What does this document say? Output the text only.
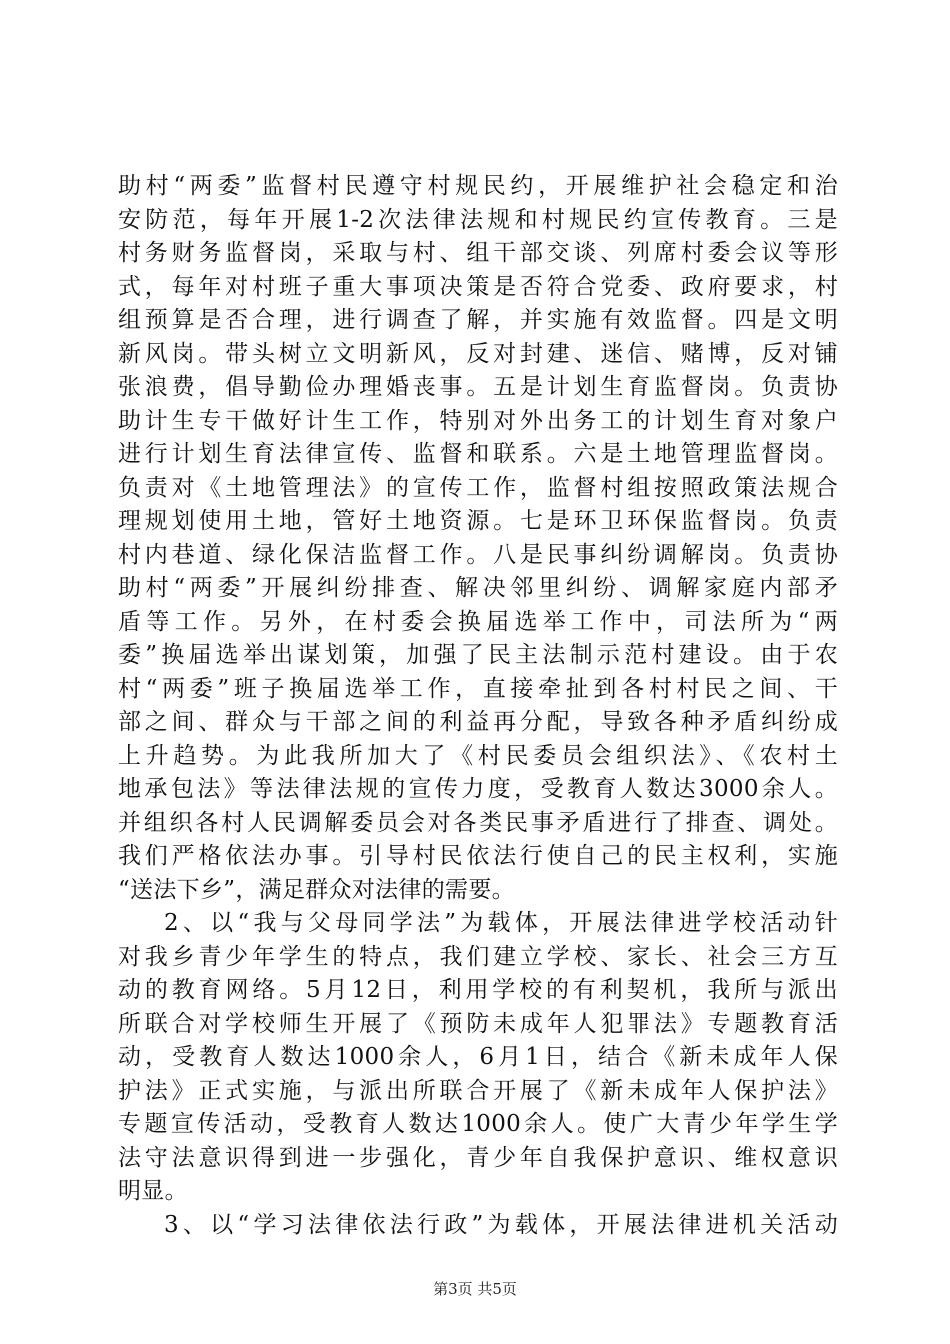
助村“两委”监督村民遵守村规民约，开展维护社会稳定和治
安防范，每年开展1-2次法律法规和村规民约宣传教育。三是
村务财务监督岗，采取与村、组干部交谈、列席村委会议等形
式，每年对村班子重大事项决策是否符合党委、政府要求，村
组预算是否合理，进行调查了解，并实施有效监督。四是文明
新风岗。带头树立文明新风，反对封建、迷信、赌博，反对铺
张浪费，倡导勤俭办理婚丧事。五是计划生育监督岗。负责协
助计生专干做好计生工作，特别对外出务工的计划生育对象户
进行计划生育法律宣传、监督和联系。六是土地管理监督岗。
负责对《土地管理法》的宣传工作，监督村组按照政策法规合
理规划使用土地，管好土地资源。七是环卫环保监督岗。负责
村内巷道、绿化保洁监督工作。八是民事纠纷调解岗。负责协
助村“两委”开展纠纷排查、解决邻里纠纷、调解家庭内部矛
盾等工作。另外，在村委会换届选举工作中，司法所为“两
委”换届选举出谋划策，加强了民主法制示范村建设。由于农
村“两委”班子换届选举工作，直接牵扯到各村村民之间、干
部之间、群众与干部之间的利益再分配，导致各种矛盾纠纷成
上升趋势。为此我所加大了《村民委员会组织法》、《农村土
地承包法》等法律法规的宣传力度，受教育人数达3000余人。
并组织各村人民调解委员会对各类民事矛盾进行了排查、调处。
我们严格依法办事。引导村民依法行使自己的民主权利，实施
“送法下乡”，满足群众对法律的需要。
2、以“我与父母同学法”为载体，开展法律进学校活动针
对我乡青少年学生的特点，我们建立学校、家长、社会三方互
动的教育网络。5月12日，利用学校的有利契机，我所与派出
所联合对学校师生开展了《预防未成年人犯罪法》专题教育活
动，受教育人数达1000余人，6月1日，结合《新未成年人保
护法》正式实施，与派出所联合开展了《新未成年人保护法》
专题宣传活动，受教育人数达1000余人。使广大青少年学生学
法守法意识得到进一步强化，青少年自我保护意识、维权意识
明显。
3、以“学习法律依法行政”为载体，开展法律进机关活动
第3页 共5页
